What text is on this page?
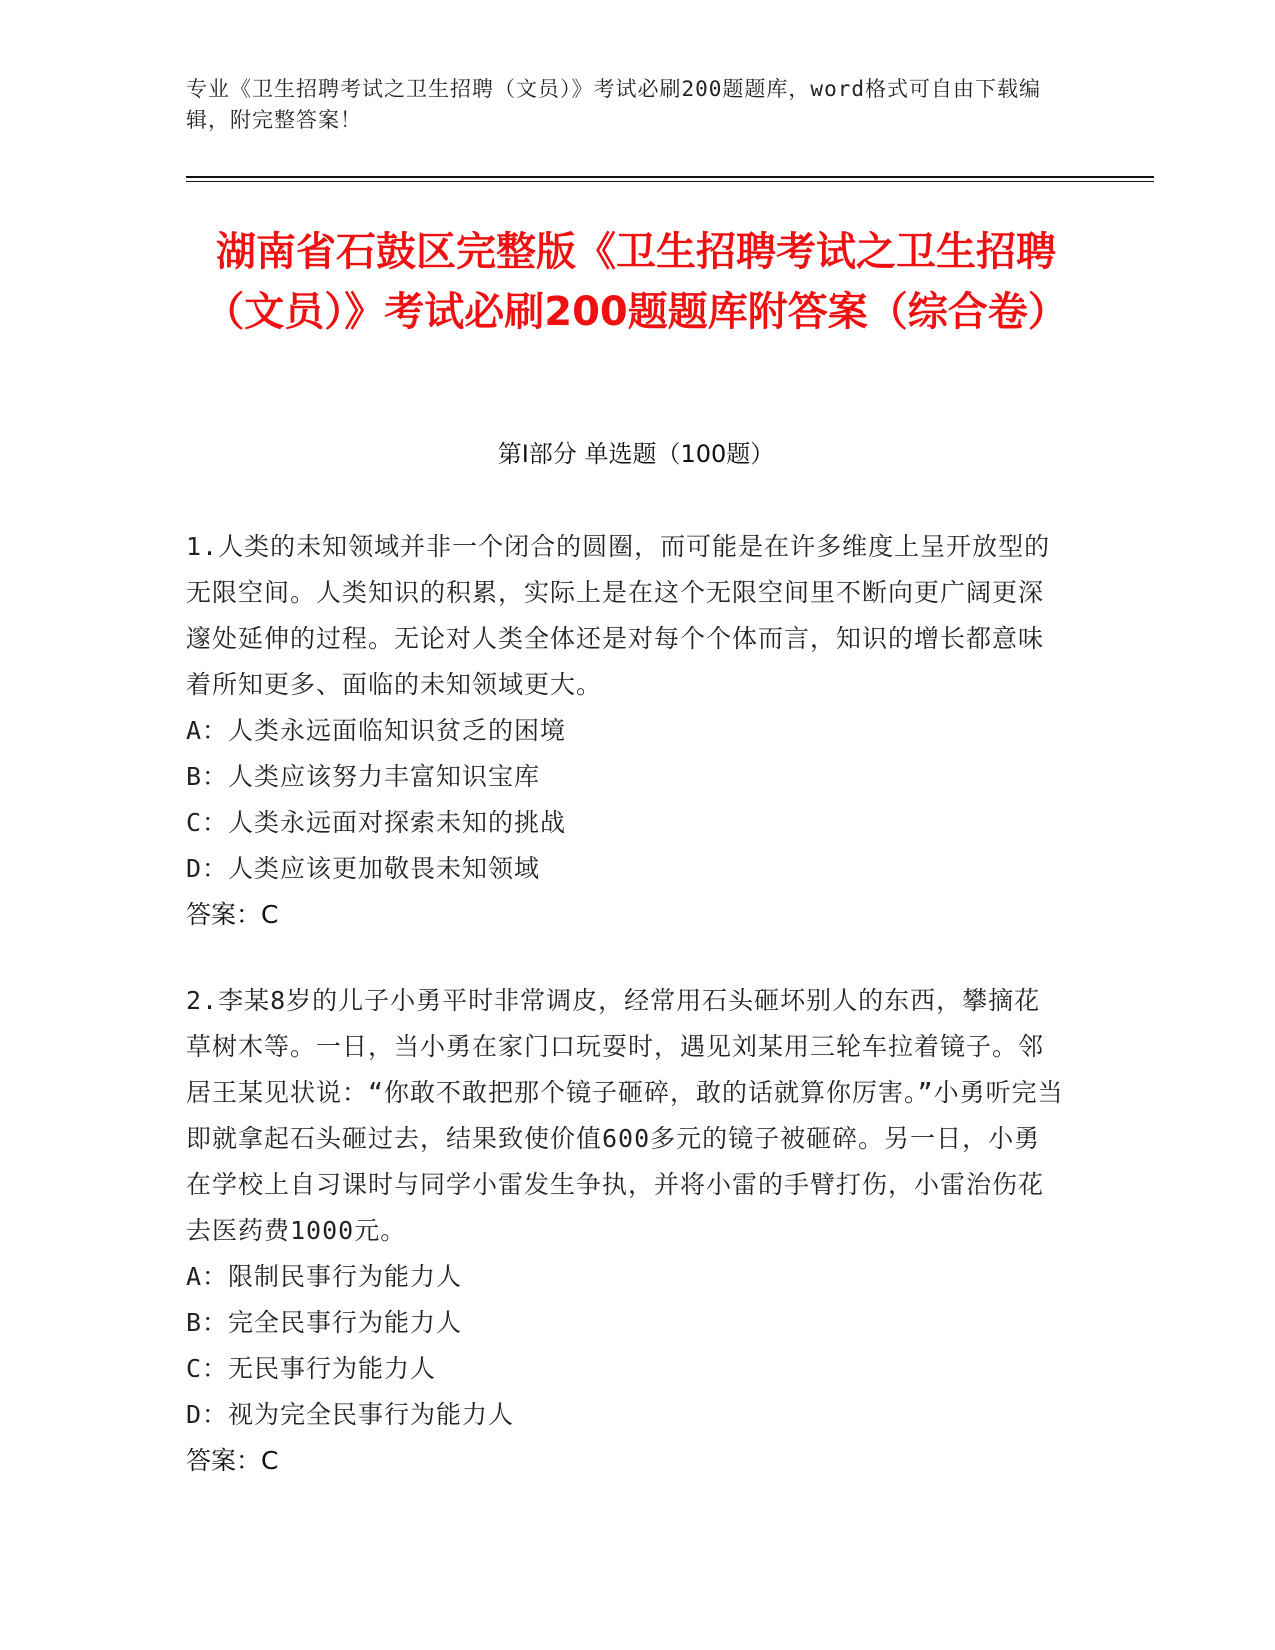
专业《卫生招聘考试之卫生招聘（文员）》考试必刷200题题库，word格式可自由下载编辑，附完整答案！
湖南省石鼓区完整版《卫生招聘考试之卫生招聘（文员）》考试必刷200题题库附答案（综合卷）
第Ⅰ部分 单选题（100题）

1.人类的未知领域并非一个闭合的圆圈，而可能是在许多维度上呈开放型的无限空间。人类知识的积累，实际上是在这个无限空间里不断向更广阔更深邃处延伸的过程。无论对人类全体还是对每个个体而言，知识的增长都意味着所知更多、面临的未知领域更大。

A：人类永远面临知识贫乏的困境

B：人类应该努力丰富知识宝库

C：人类永远面对探索未知的挑战

D：人类应该更加敬畏未知领域

答案：C

2.李某8岁的儿子小勇平时非常调皮，经常用石头砸坏别人的东西，攀摘花草树木等。一日，当小勇在家门口玩耍时，遇见刘某用三轮车拉着镜子。邻居王某见状说：“你敢不敢把那个镜子砸碎，敢的话就算你厉害。”小勇听完当即就拿起石头砸过去，结果致使价值600多元的镜子被砸碎。另一日，小勇在学校上自习课时与同学小雷发生争执，并将小雷的手臂打伤，小雷治伤花去医药费1000元。

A：限制民事行为能力人

B：完全民事行为能力人

C：无民事行为能力人

D：视为完全民事行为能力人

答案：C
